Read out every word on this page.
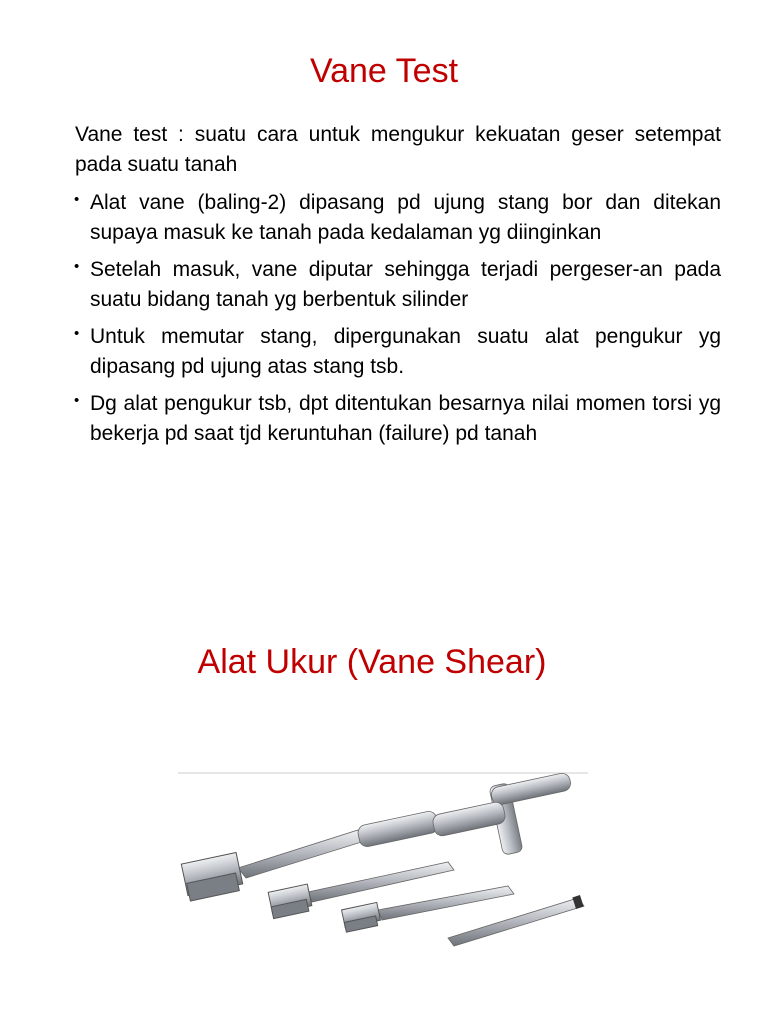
Vane Test
Vane test : suatu cara untuk mengukur kekuatan geser setempat pada suatu tanah
• Alat vane (baling-2) dipasang pd ujung stang bor dan ditekan supaya masuk ke tanah pada kedalaman yg diinginkan
• Setelah masuk, vane diputar sehingga terjadi pergeser-an pada suatu bidang tanah yg berbentuk silinder
• Untuk memutar stang, dipergunakan suatu alat pengukur yg dipasang pd ujung atas stang tsb.
• Dg alat pengukur tsb, dpt ditentukan besarnya nilai momen torsi yg bekerja pd saat tjd keruntuhan (failure) pd tanah
Alat Ukur (Vane Shear)
